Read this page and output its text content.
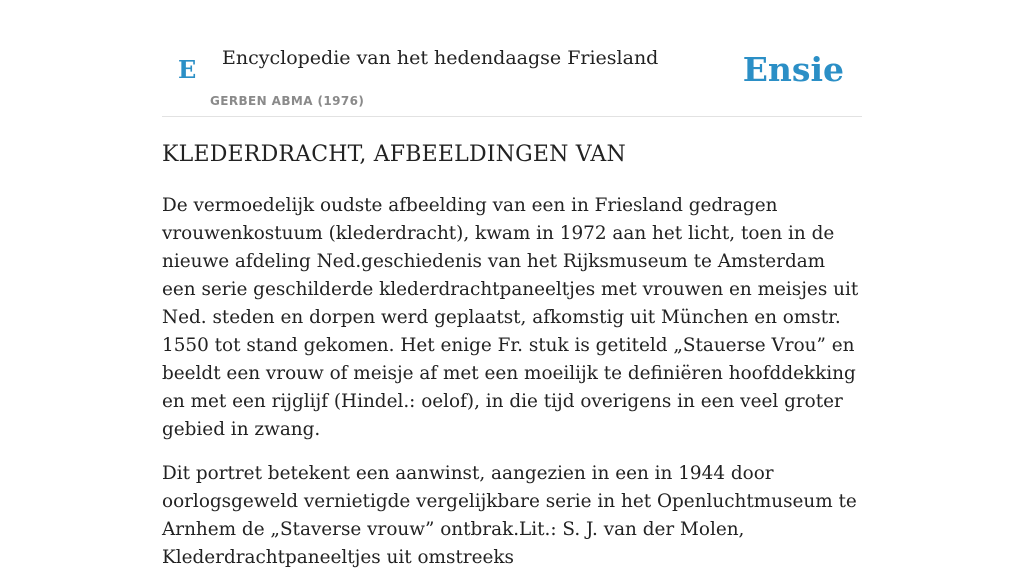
E Encyclopedie van het hedendaagse Friesland
GERBEN ABMA (1976)
Ensie
KLEDERDRACHT, AFBEELDINGEN VAN

De vermoedelijk oudste afbeelding van een in Friesland gedragen vrouwenkostuum (klederdracht), kwam in 1972 aan het licht, toen in de nieuwe afdeling Ned.geschiedenis van het Rijksmuseum te Amsterdam een serie geschilderde klederdrachtpaneeltjes met vrouwen en meisjes uit Ned. steden en dorpen werd geplaatst, afkomstig uit München en omstr. 1550 tot stand gekomen. Het enige Fr. stuk is getiteld „Stauerse Vrou” en beeldt een vrouw of meisje af met een moeilijk te definiëren hoofddekking en met een rijglijf (Hindel.: oelof), in die tijd overigens in een veel groter gebied in zwang.

Dit portret betekent een aanwinst, aangezien in een in 1944 door oorlogsgeweld vernietigde vergelijkbare serie in het Openluchtmuseum te Arnhem de „Staverse vrouw” ontbrak.Lit.: S. J. van der Molen, Klederdrachtpaneeltjes uit omstreeks
